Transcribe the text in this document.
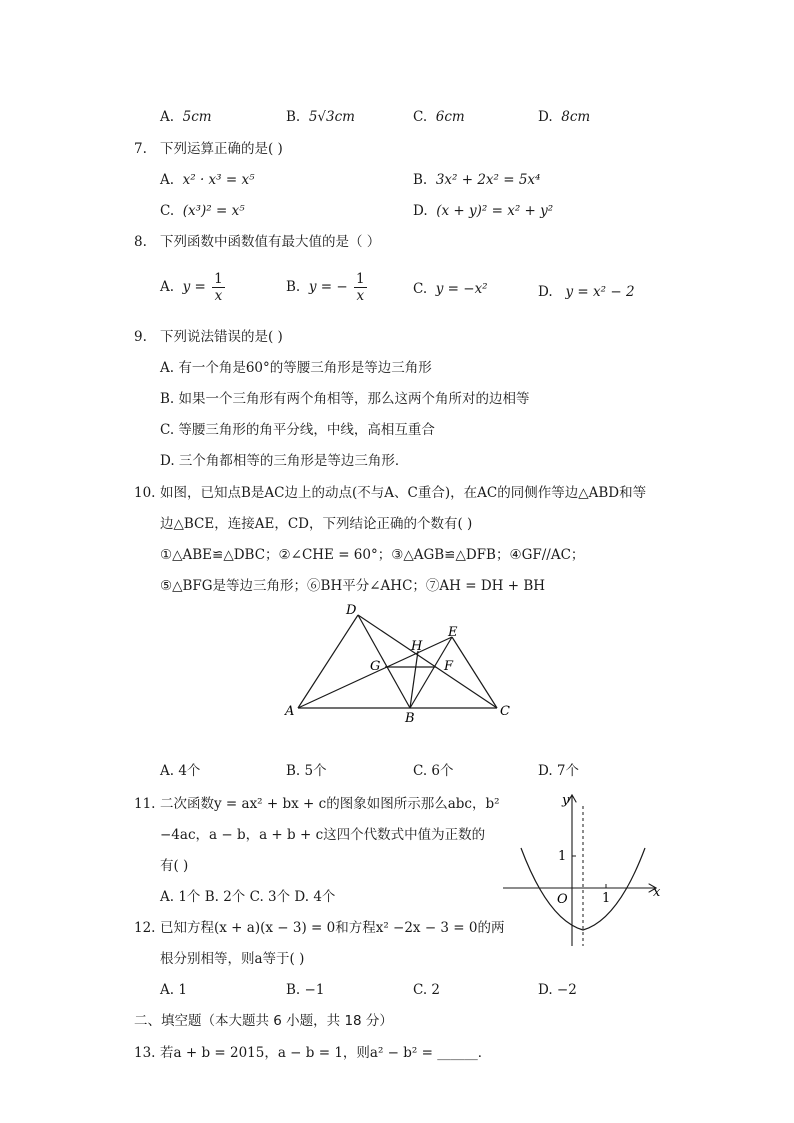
A. 5cm	B. 5√3cm	C. 6cm	D. 8cm
7. 下列运算正确的是( )
A. x² · x³ = x⁵	B. 3x² + 2x² = 5x⁴
C. (x³)² = x⁵	D. (x + y)² = x² + y²
8. 下列函数中函数值有最大值的是（ ）
A. $y = \frac{1}{x}$	B. y = − $\frac{1}{x}$	C. y = −x²	D. y = x² − 2
9. 下列说法错误的是( )
A. 有一个角是60°的等腰三角形是等边三角形
B. 如果一个三角形有两个角相等，那么这两个角所对的边相等
C. 等腰三角形的角平分线，中线，高相互重合
D. 三个角都相等的三角形是等边三角形．
10. 如图，已知点B是AC边上的动点(不与A、C重合)，在AC的同侧作等边△ABD和等
边△BCE，连接AE，CD，下列结论正确的个数有( )
①△ABE≌△DBC；②∠CHE = 60°；③△AGB≌△DFB；④GF//AC；
⑤△BFG是等边三角形；⑥BH平分∠AHC；⑦AH = DH + BH
D
E
H
G	F
A	B	C
A. 4个	B. 5个	C. 6个	D. 7个
11. 二次函数y = ax² + bx + c的图象如图所示那么abc，b²
−4ac，a − b，a + b + c这四个代数式中值为正数的
有( )
A. 1个 B. 2个 C. 3个 D. 4个
y
x
O
1
1
12. 已知方程(x + a)(x − 3) = 0和方程x² −2x − 3 = 0的两
根分别相等，则a等于( )
A. 1	B. −1	C. 2	D. −2
二、填空题（本大题共 6 小题，共 18 分）
13. 若a + b = 2015，a − b = 1，则a² − b² = ______．
